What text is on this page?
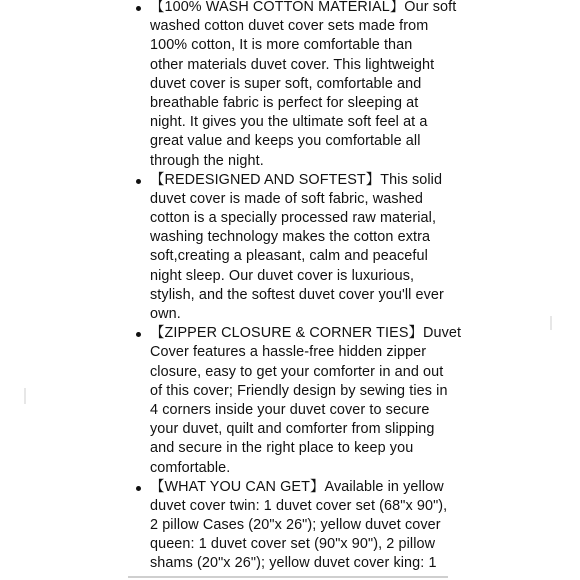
【100% WASH COTTON MATERIAL】Our soft
washed cotton duvet cover sets made from
100% cotton, It is more comfortable than
other materials duvet cover. This lightweight
duvet cover is super soft, comfortable and
breathable fabric is perfect for sleeping at
night. It gives you the ultimate soft feel at a
great value and keeps you comfortable all
through the night.
【REDESIGNED AND SOFTEST】This solid
duvet cover is made of soft fabric, washed
cotton is a specially processed raw material,
washing technology makes the cotton extra
soft,creating a pleasant, calm and peaceful
night sleep. Our duvet cover is luxurious,
stylish, and the softest duvet cover you'll ever
own.
【ZIPPER CLOSURE & CORNER TIES】Duvet
Cover features a hassle-free hidden zipper
closure, easy to get your comforter in and out
of this cover; Friendly design by sewing ties in
4 corners inside your duvet cover to secure
your duvet, quilt and comforter from slipping
and secure in the right place to keep you
comfortable.
【WHAT YOU CAN GET】Available in yellow
duvet cover twin: 1 duvet cover set (68"x 90"),
2 pillow Cases (20"x 26"); yellow duvet cover
queen: 1 duvet cover set (90"x 90"), 2 pillow
shams (20"x 26"); yellow duvet cover king: 1
